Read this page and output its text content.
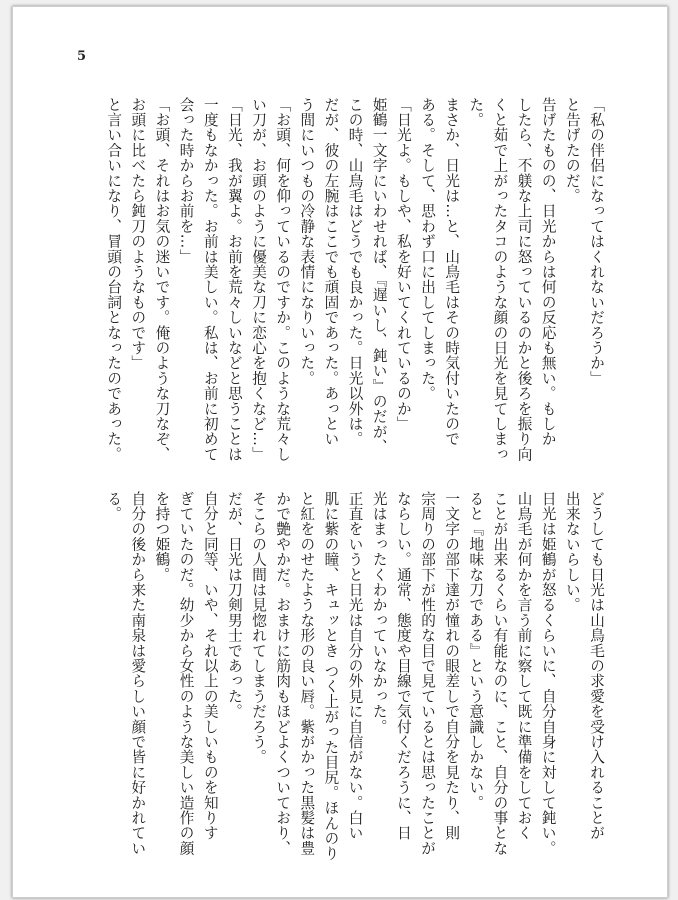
5
「私の伴侶になってはくれないだろうか」
と告げたのだ。
告げたものの、日光からは何の反応も無い。もしか
したら、不躾な上司に怒っているのかと後ろを振り向
くと茹で上がったタコのような顔の日光を見てしまっ
た。
まさか、日光は…と、山鳥毛はその時気付いたので
ある。そして、思わず口に出してしまった。
「日光よ。もしや、私を好いてくれているのか」
姫鶴一文字にいわせれば、『遅いし、鈍い』のだが、
この時、山鳥毛はどうでも良かった。日光以外は。
だが、彼の左腕はここでも頑固であった。あっとい
う間にいつもの冷静な表情になりいった。
「お頭、何を仰っているのですか。このような荒々し
い刀が、お頭のように優美な刀に恋心を抱くなど…」
「日光、我が翼よ。お前を荒々しいなどと思うことは
一度もなかった。お前は美しい。私は、お前に初めて
会った時からお前を…」
「お頭、それはお気の迷いです。俺のような刀なぞ、
お頭に比べたら鈍刀のようなものです」
と言い合いになり、冒頭の台詞となったのであった。
どうしても日光は山鳥毛の求愛を受け入れることが
出来ないらしい。
日光は姫鶴が怒るくらいに、自分自身に対して鈍い。
山鳥毛が何かを言う前に察して既に準備をしておく
ことが出来るくらい有能なのに、こと、自分の事とな
ると『地味な刀である』という意識しかない。
一文字の部下達が憧れの眼差しで自分を見たり、則
宗周りの部下が性的な目で見ているとは思ったことが
ならしい。通常、態度や目線で気付くだろうに、日
光はまったくわかっていなかった。
正直をいうと日光は自分の外見に自信がない。白い
肌に紫の瞳、キュッとき つく上がった目尻。ほんのり
と紅をのせたような形の良い唇。紫がかった黒髪は豊
かで艶やかだ。おまけに筋肉もほどよくついており、
そこらの人間は見惚れてしまうだろう。
だが、日光は刀剣男士であった。
自分と同等、いや、それ以上の美しいものを知りす
ぎていたのだ。幼少から女性のような美しい造作の顔
を持つ姫鶴。
自分の後から来た南泉は愛らしい顔で皆に好かれてい
る。
